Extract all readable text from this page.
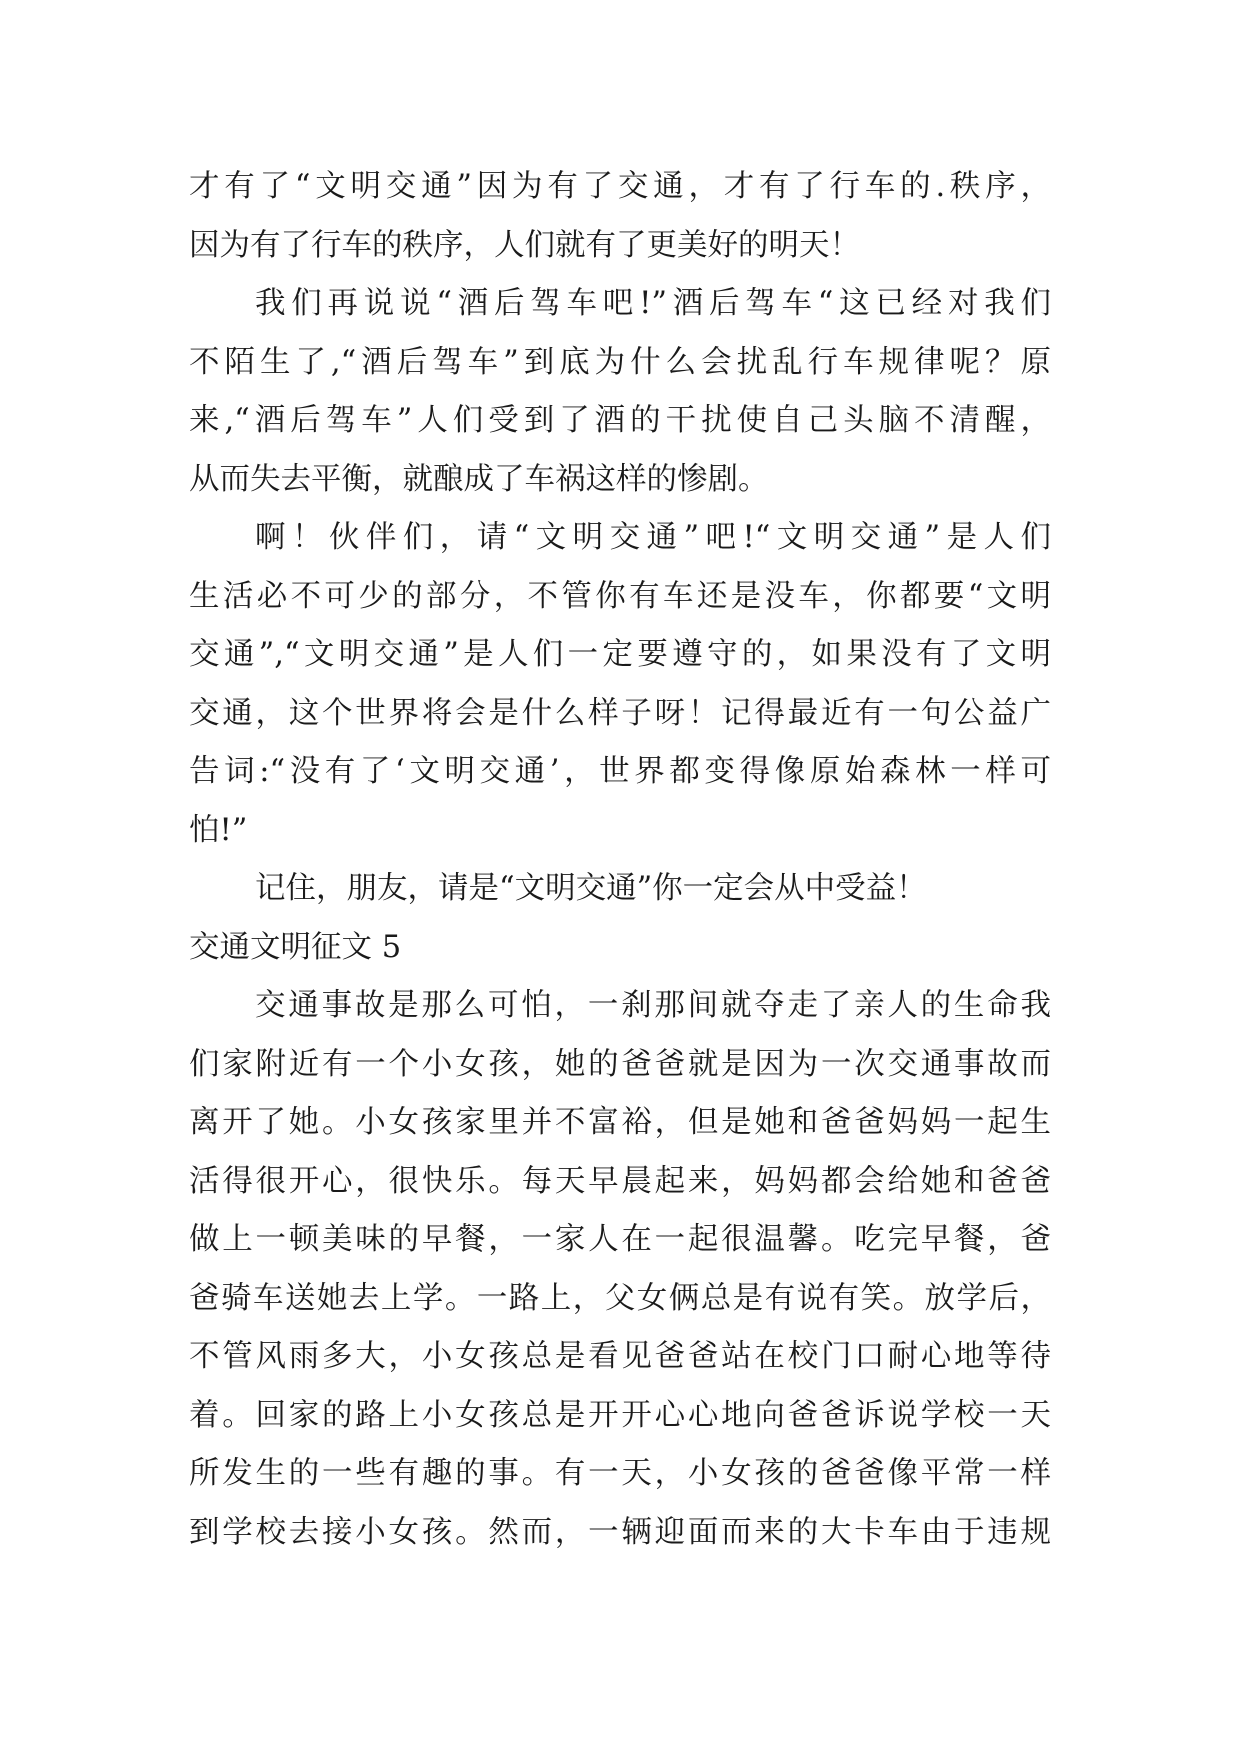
才有了“文明交通”因为有了交通，才有了行车的.秩序，
因为有了行车的秩序，人们就有了更美好的明天！
我们再说说“酒后驾车吧!”酒后驾车“这已经对我们
不陌生了,“酒后驾车”到底为什么会扰乱行车规律呢？原
来,“酒后驾车”人们受到了酒的干扰使自己头脑不清醒，
从而失去平衡，就酿成了车祸这样的惨剧。
啊！伙伴们，请“文明交通”吧!“文明交通”是人们
生活必不可少的部分，不管你有车还是没车，你都要“文明
交通”,“文明交通”是人们一定要遵守的，如果没有了文明
交通，这个世界将会是什么样子呀！记得最近有一句公益广
告词:“没有了‘文明交通’，世界都变得像原始森林一样可
怕!”
记住，朋友，请是“文明交通”你一定会从中受益！
交通文明征文 5
交通事故是那么可怕，一刹那间就夺走了亲人的生命我
们家附近有一个小女孩，她的爸爸就是因为一次交通事故而
离开了她。小女孩家里并不富裕，但是她和爸爸妈妈一起生
活得很开心，很快乐。每天早晨起来，妈妈都会给她和爸爸
做上一顿美味的早餐，一家人在一起很温馨。吃完早餐，爸
爸骑车送她去上学。一路上，父女俩总是有说有笑。放学后，
不管风雨多大，小女孩总是看见爸爸站在校门口耐心地等待
着。回家的路上小女孩总是开开心心地向爸爸诉说学校一天
所发生的一些有趣的事。有一天，小女孩的爸爸像平常一样
到学校去接小女孩。然而，一辆迎面而来的大卡车由于违规
